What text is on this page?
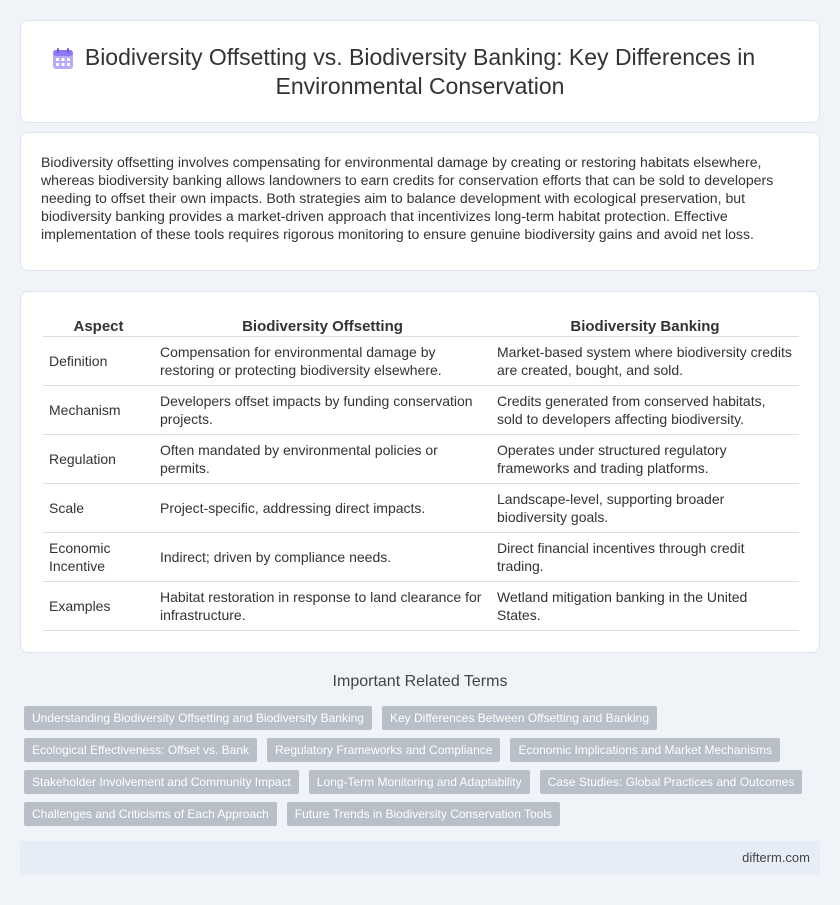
Biodiversity Offsetting vs. Biodiversity Banking: Key Differences in Environmental Conservation

Biodiversity offsetting involves compensating for environmental damage by creating or restoring habitats elsewhere, whereas biodiversity banking allows landowners to earn credits for conservation efforts that can be sold to developers needing to offset their own impacts. Both strategies aim to balance development with ecological preservation, but biodiversity banking provides a market-driven approach that incentivizes long-term habitat protection. Effective implementation of these tools requires rigorous monitoring to ensure genuine biodiversity gains and avoid net loss.

Aspect	Biodiversity Offsetting	Biodiversity Banking
Definition	Compensation for environmental damage by restoring or protecting biodiversity elsewhere.	Market-based system where biodiversity credits are created, bought, and sold.
Mechanism	Developers offset impacts by funding conservation projects.	Credits generated from conserved habitats, sold to developers affecting biodiversity.
Regulation	Often mandated by environmental policies or permits.	Operates under structured regulatory frameworks and trading platforms.
Scale	Project-specific, addressing direct impacts.	Landscape-level, supporting broader biodiversity goals.
Economic Incentive	Indirect; driven by compliance needs.	Direct financial incentives through credit trading.
Examples	Habitat restoration in response to land clearance for infrastructure.	Wetland mitigation banking in the United States.
Important Related Terms
Understanding Biodiversity Offsetting and Biodiversity Banking	Key Differences Between Offsetting and Banking
Ecological Effectiveness: Offset vs. Bank	Regulatory Frameworks and Compliance	Economic Implications and Market Mechanisms
Stakeholder Involvement and Community Impact	Long-Term Monitoring and Adaptability	Case Studies: Global Practices and Outcomes
Challenges and Criticisms of Each Approach	Future Trends in Biodiversity Conservation Tools
difterm.com
